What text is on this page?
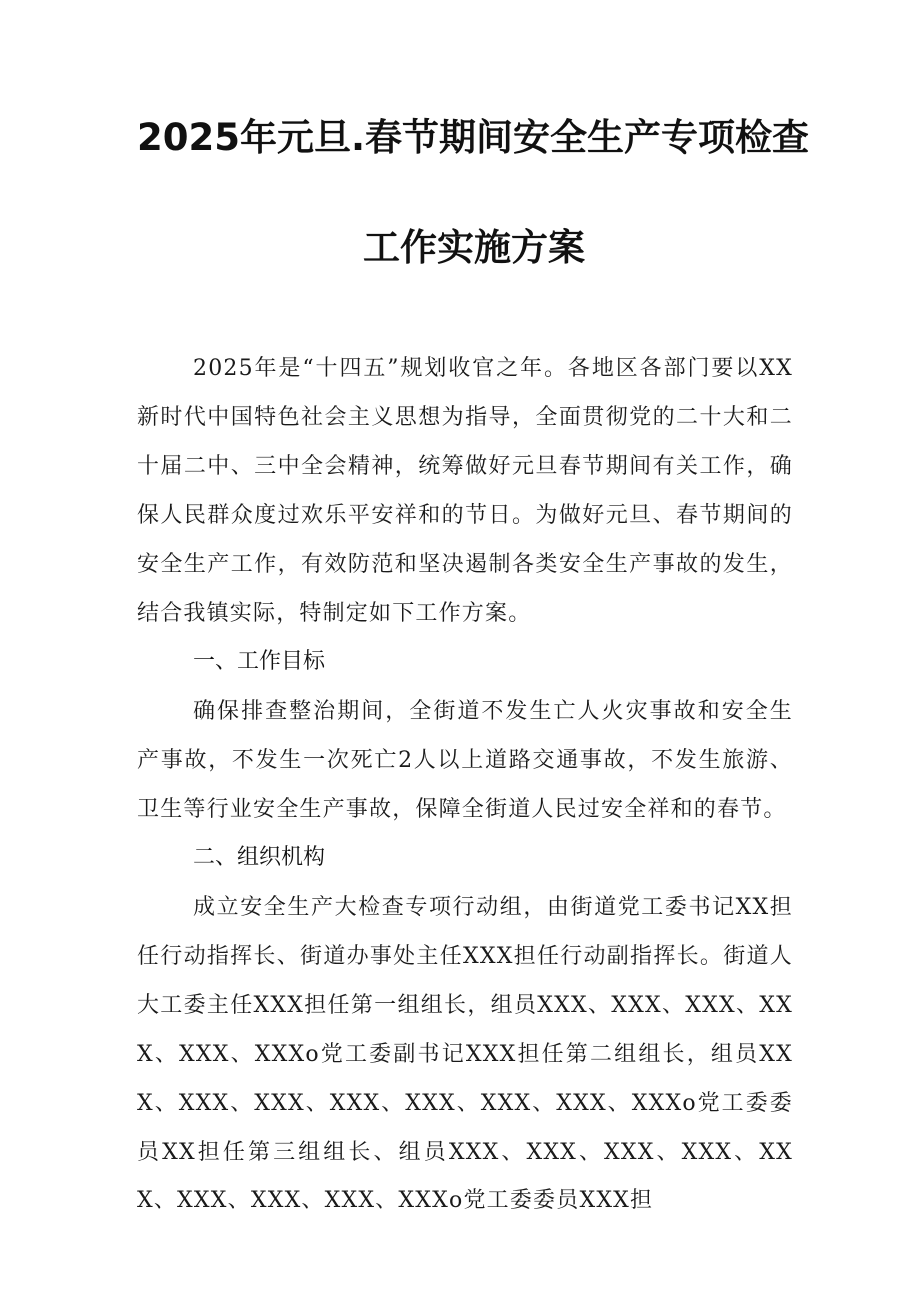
2025年元旦.春节期间安全生产专项检查
工作实施方案
2025年是“十四五”规划收官之年。各地区各部门要以XX新时代中国特色社会主义思想为指导，全面贯彻党的二十大和二十届二中、三中全会精神，统筹做好元旦春节期间有关工作，确保人民群众度过欢乐平安祥和的节日。为做好元旦、春节期间的安全生产工作，有效防范和坚决遏制各类安全生产事故的发生，结合我镇实际，特制定如下工作方案。
一、工作目标
确保排查整治期间，全街道不发生亡人火灾事故和安全生产事故，不发生一次死亡2人以上道路交通事故，不发生旅游、卫生等行业安全生产事故，保障全街道人民过安全祥和的春节。
二、组织机构
成立安全生产大检查专项行动组，由街道党工委书记XX担任行动指挥长、街道办事处主任XXX担任行动副指挥长。街道人大工委主任XXX担任第一组组长，组员XXX、XXX、XXX、XXX、XXX、XXXo党工委副书记XXX担任第二组组长，组员XXX、XXX、XXX、XXX、XXX、XXX、XXX、XXXo党工委委员XX担任第三组组长、组员XXX、XXX、XXX、XXX、XXX、XXX、XXX、XXX、XXXo党工委委员XXX担
